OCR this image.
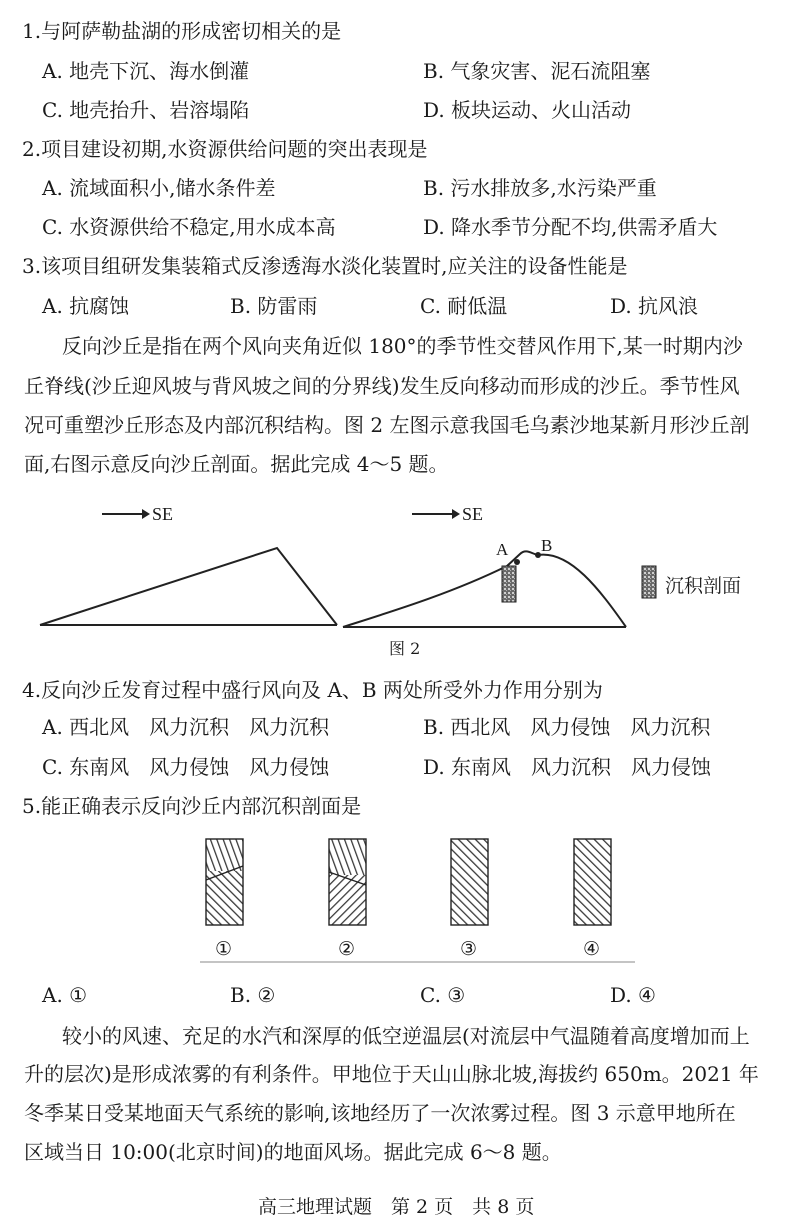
1.与阿萨勒盐湖的形成密切相关的是
A. 地壳下沉、海水倒灌	B. 气象灾害、泥石流阻塞
C. 地壳抬升、岩溶塌陷	D. 板块运动、火山活动
2.项目建设初期,水资源供给问题的突出表现是
A. 流域面积小,储水条件差	B. 污水排放多,水污染严重
C. 水资源供给不稳定,用水成本高	D. 降水季节分配不均,供需矛盾大
3.该项目组研发集装箱式反渗透海水淡化装置时,应关注的设备性能是
A. 抗腐蚀	B. 防雷雨	C. 耐低温	D. 抗风浪
反向沙丘是指在两个风向夹角近似 180°的季节性交替风作用下,某一时期内沙
丘脊线(沙丘迎风坡与背风坡之间的分界线)发生反向移动而形成的沙丘。季节性风
况可重塑沙丘形态及内部沉积结构。图 2 左图示意我国毛乌素沙地某新月形沙丘剖
面,右图示意反向沙丘剖面。据此完成 4～5 题。
SE	SE
A B
沉积剖面
图 2
4.反向沙丘发育过程中盛行风向及 A、B 两处所受外力作用分别为
A. 西北风　风力沉积　风力沉积	B. 西北风　风力侵蚀　风力沉积
C. 东南风　风力侵蚀　风力侵蚀	D. 东南风　风力沉积　风力侵蚀
5.能正确表示反向沙丘内部沉积剖面是
①	②	③	④
A. ①	B. ②	C. ③	D. ④
较小的风速、充足的水汽和深厚的低空逆温层(对流层中气温随着高度增加而上
升的层次)是形成浓雾的有利条件。甲地位于天山山脉北坡,海拔约 650m。2021 年
冬季某日受某地面天气系统的影响,该地经历了一次浓雾过程。图 3 示意甲地所在
区域当日 10:00(北京时间)的地面风场。据此完成 6～8 题。
高三地理试题　第 2 页　共 8 页
